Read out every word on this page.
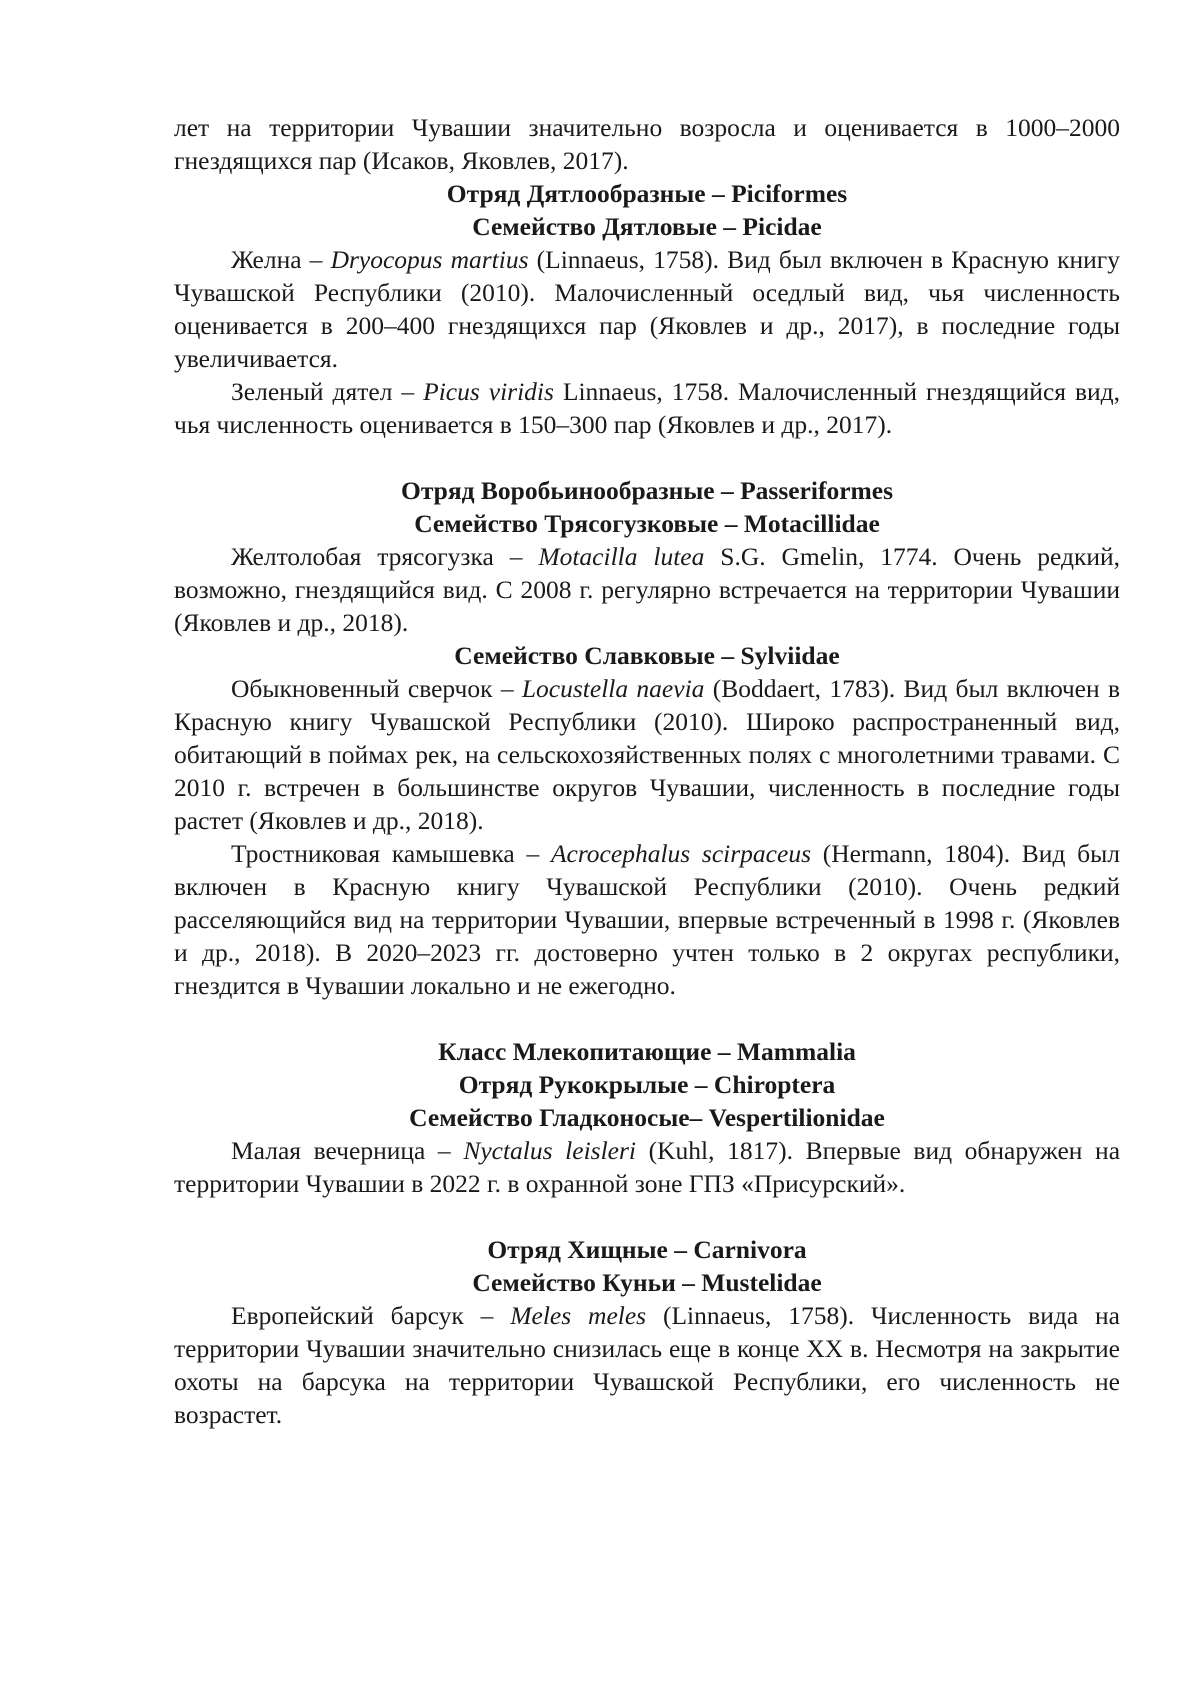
лет на территории Чувашии значительно возросла и оценивается в 1000–2000 гнездящихся пар (Исаков, Яковлев, 2017).

Отряд Дятлообразные – Piciformes

Семейство Дятловые – Picidae

Желна – Dryocopus martius (Linnaeus, 1758). Вид был включен в Красную книгу Чувашской Республики (2010). Малочисленный оседлый вид, чья численность оценивается в 200–400 гнездящихся пар (Яковлев и др., 2017), в последние годы увеличивается.

Зеленый дятел – Picus viridis Linnaeus, 1758. Малочисленный гнездящийся вид, чья численность оценивается в 150–300 пар (Яковлев и др., 2017).

Отряд Воробьинообразные – Passeriformes

Семейство Трясогузковые – Motacillidae

Желтолобая трясогузка – Motacilla lutea S.G. Gmelin, 1774. Очень редкий, возможно, гнездящийся вид. С 2008 г. регулярно встречается на территории Чувашии (Яковлев и др., 2018).

Семейство Славковые – Sylviidae

Обыкновенный сверчок – Locustella naevia (Boddaert, 1783). Вид был включен в Красную книгу Чувашской Республики (2010). Широко распространенный вид, обитающий в поймах рек, на сельскохозяйственных полях с многолетними травами. С 2010 г. встречен в большинстве округов Чувашии, численность в последние годы растет (Яковлев и др., 2018).

Тростниковая камышевка – Acrocephalus scirpaceus (Hermann, 1804). Вид был включен в Красную книгу Чувашской Республики (2010). Очень редкий расселяющийся вид на территории Чувашии, впервые встреченный в 1998 г. (Яковлев и др., 2018). В 2020–2023 гг. достоверно учтен только в 2 округах республики, гнездится в Чувашии локально и не ежегодно.

Класс Млекопитающие – Mammalia

Отряд Рукокрылые – Chiroptera

Семейство Гладконосые– Vespertilionidae

Малая вечерница – Nyctalus leisleri (Kuhl, 1817). Впервые вид обнаружен на территории Чувашии в 2022 г. в охранной зоне ГПЗ «Присурский».

Отряд Хищные – Carnivora

Семейство Куньи – Mustelidae

Европейский барсук – Meles meles (Linnaeus, 1758). Численность вида на территории Чувашии значительно снизилась еще в конце XX в. Несмотря на закрытие охоты на барсука на территории Чувашской Республики, его численность не возрастет.
